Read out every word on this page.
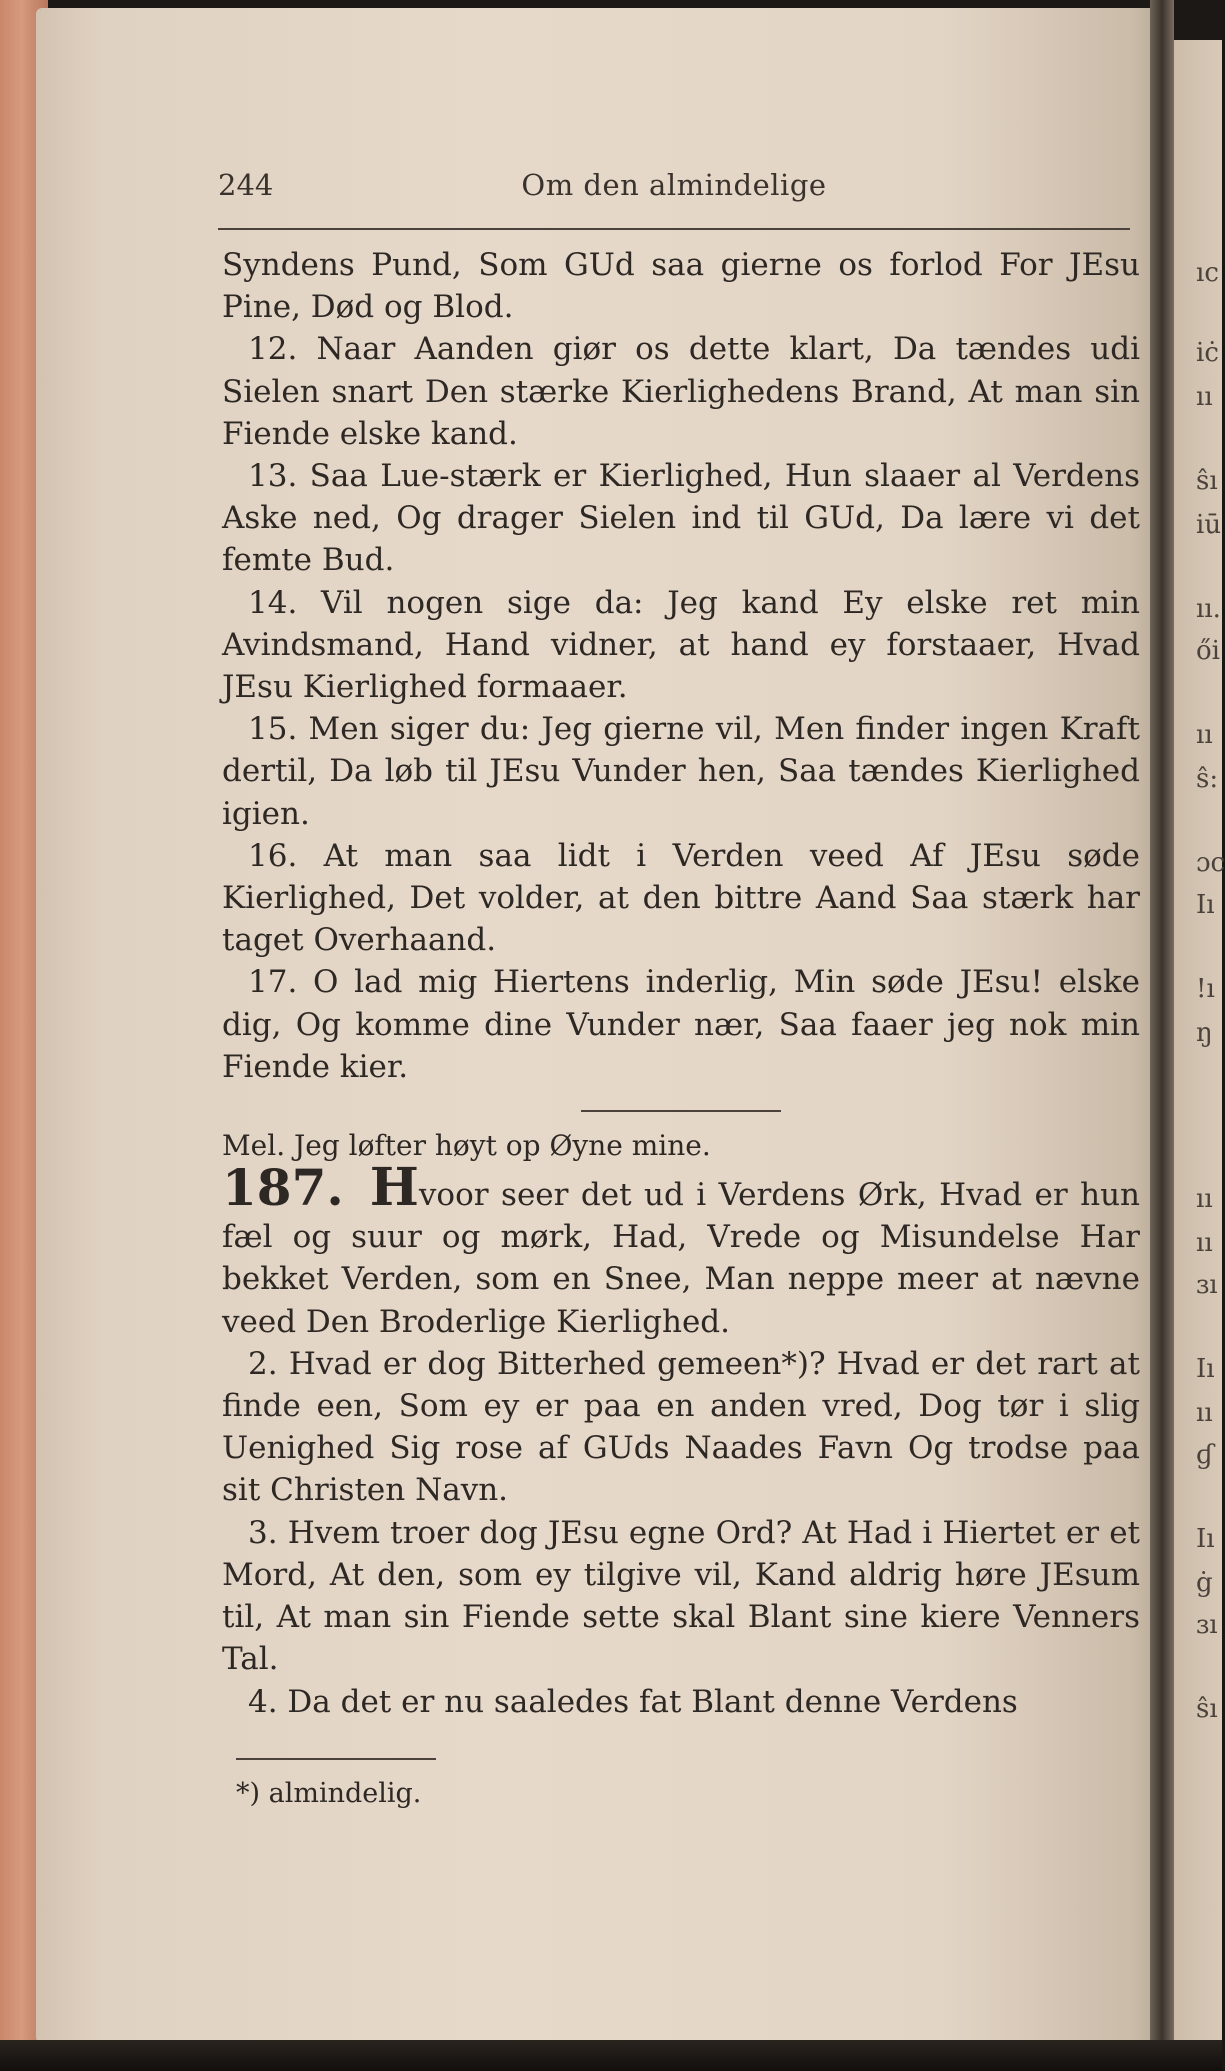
ıc
iċ
ıı
ŝı
iū
ıı.
ői
ıı
ŝ:
ɔc
Iı
!ı
ŋ
ıı
ıı
ɜı
Iı
ıı
ɠ
Iı
ġ
ɜı
ŝı
244	Om den almindelige

Syndens Pund, Som GUd saa gierne os forlod For JEsu Pine, Død og Blod.

12. Naar Aanden giør os dette klart, Da tændes udi Sielen snart Den stærke Kierlighedens Brand, At man sin Fiende elske kand.

13. Saa Lue-stærk er Kierlighed, Hun slaaer al Verdens Aske ned, Og drager Sielen ind til GUd, Da lære vi det femte Bud.

14. Vil nogen sige da: Jeg kand Ey elske ret min Avindsmand, Hand vidner, at hand ey forstaaer, Hvad JEsu Kierlighed formaaer.

15. Men siger du: Jeg gierne vil, Men finder ingen Kraft dertil, Da løb til JEsu Vunder hen, Saa tændes Kierlighed igien.

16. At man saa lidt i Verden veed Af JEsu søde Kierlighed, Det volder, at den bittre Aand Saa stærk har taget Overhaand.

17. O lad mig Hiertens inderlig, Min søde JEsu! elske dig, Og komme dine Vunder nær, Saa faaer jeg nok min Fiende kier.

Mel. Jeg løfter høyt op Øyne mine.

187. Hvoor seer det ud i Verdens Ørk, Hvad er hun fæl og suur og mørk, Had, Vrede og Misundelse Har bekket Verden, som en Snee, Man neppe meer at nævne veed Den Broderlige Kierlighed.

2. Hvad er dog Bitterhed gemeen*)? Hvad er det rart at finde een, Som ey er paa en anden vred, Dog tør i slig Uenighed Sig rose af GUds Naades Favn Og trodse paa sit Christen Navn.

3. Hvem troer dog JEsu egne Ord? At Had i Hiertet er et Mord, At den, som ey tilgive vil, Kand aldrig høre JEsum til, At man sin Fiende sette skal Blant sine kiere Venners Tal.

4. Da det er nu saaledes fat Blant denne Verdens

*) almindelig.
